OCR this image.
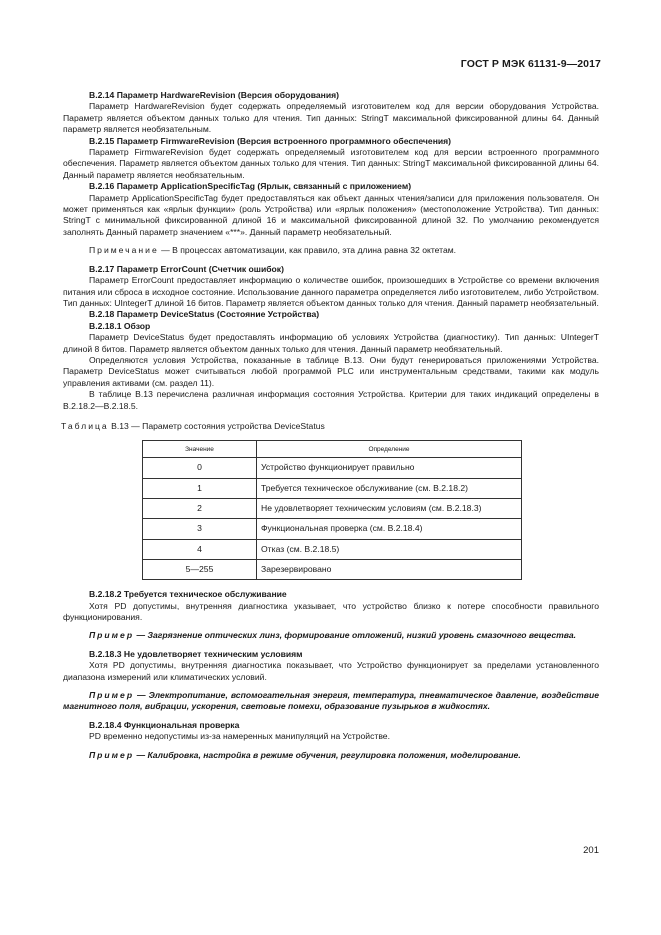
ГОСТ Р МЭК 61131-9—2017

B.2.14 Параметр HardwareRevision (Версия оборудования)

Параметр HardwareRevision будет содержать определяемый изготовителем код для версии оборудования Устройства. Параметр является объектом данных только для чтения. Тип данных: StringT максимальной фиксированной длины 64. Данный параметр является необязательным.

B.2.15 Параметр FirmwareRevision (Версия встроенного программного обеспечения)

Параметр FirmwareRevision будет содержать определяемый изготовителем код для версии встроенного программного обеспечения. Параметр является объектом данных только для чтения. Тип данных: StringT максимальной фиксированной длины 64. Данный параметр является необязательным.

B.2.16 Параметр ApplicationSpecificTag (Ярлык, связанный с приложением)

Параметр ApplicationSpecificTag будет предоставляться как объект данных чтения/записи для приложения пользователя. Он может применяться как «ярлык функции» (роль Устройства) или «ярлык положения» (местоположение Устройства). Тип данных: StringT с минимальной фиксированной длиной 16 и максимальной фиксированной длиной 32. По умолчанию рекомендуется заполнять Данный параметр значением «***». Данный параметр необязательный.

Примечание — В процессах автоматизации, как правило, эта длина равна 32 октетам.

B.2.17 Параметр ErrorCount (Счетчик ошибок)

Параметр ErrorCount предоставляет информацию о количестве ошибок, произошедших в Устройстве со времени включения питания или сброса в исходное состояние. Использование данного параметра определяется либо изготовителем, либо Устройством. Тип данных: UIntegerT длиной 16 битов. Параметр является объектом данных только для чтения. Данный параметр необязательный.

B.2.18 Параметр DeviceStatus (Состояние Устройства)

B.2.18.1 Обзор

Параметр DeviceStatus будет предоставлять информацию об условиях Устройства (диагностику). Тип данных: UIntegerT длиной 8 битов. Параметр является объектом данных только для чтения. Данный параметр необязательный.

Определяются условия Устройства, показанные в таблице B.13. Они будут генерироваться приложениями Устройства. Параметр DeviceStatus может считываться любой программой PLC или инструментальным средствами, такими как модуль управления активами (см. раздел 11).

В таблице B.13 перечислена различная информация состояния Устройства. Критерии для таких индикаций определены в B.2.18.2—B.2.18.5.

Таблица B.13 — Параметр состояния устройства DeviceStatus

Значение	Определение
0	Устройство функционирует правильно
1	Требуется техническое обслуживание (см. B.2.18.2)
2	Не удовлетворяет техническим условиям (см. B.2.18.3)
3	Функциональная проверка (см. B.2.18.4)
4	Отказ (см. B.2.18.5)
5—255	Зарезервировано

B.2.18.2 Требуется техническое обслуживание

Хотя PD допустимы, внутренняя диагностика указывает, что устройство близко к потере способности правильного функционирования.

Пример — Загрязнение оптических линз, формирование отложений, низкий уровень смазочного вещества.

B.2.18.3 Не удовлетворяет техническим условиям

Хотя PD допустимы, внутренняя диагностика показывает, что Устройство функционирует за пределами установленного диапазона измерений или климатических условий.

Пример — Электропитание, вспомогательная энергия, температура, пневматическое давление, воздействие магнитного поля, вибрации, ускорения, световые помехи, образование пузырьков в жидкостях.

B.2.18.4 Функциональная проверка

PD временно недопустимы из-за намеренных манипуляций на Устройстве.

Пример — Калибровка, настройка в режиме обучения, регулировка положения, моделирование.

201
